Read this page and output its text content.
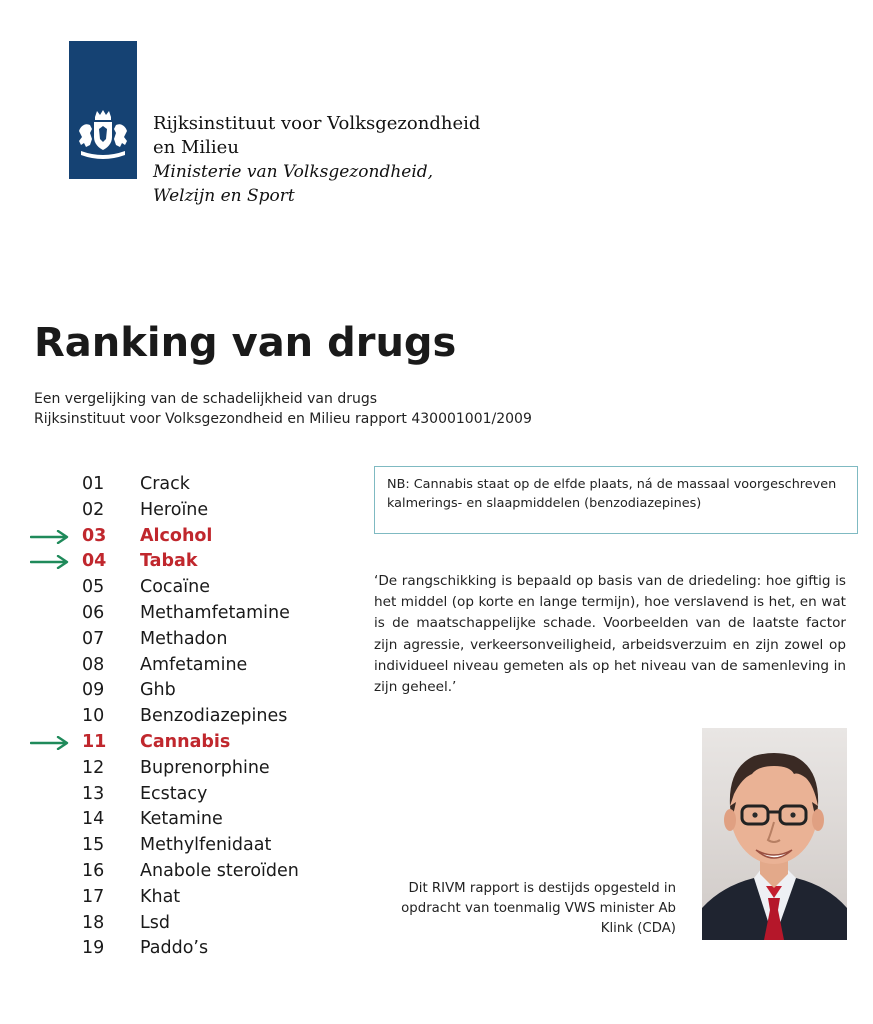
Rijksinstituut voor Volksgezondheid
en Milieu
Ministerie van Volksgezondheid,
Welzijn en Sport
Ranking van drugs
Een vergelijking van de schadelijkheid van drugs
Rijksinstituut voor Volksgezondheid en Milieu rapport 430001001/2009
01 Crack
02 Heroïne
03 Alcohol
04 Tabak
05 Cocaïne
06 Methamfetamine
07 Methadon
08 Amfetamine
09 Ghb
10 Benzodiazepines
11 Cannabis
12 Buprenorphine
13 Ecstacy
14 Ketamine
15 Methylfenidaat
16 Anabole steroïden
17 Khat
18 Lsd
19 Paddo’s
NB: Cannabis staat op de elfde plaats, ná de massaal voorgeschreven kalmerings- en slaapmiddelen (benzodiazepines)
‘De rangschikking is bepaald op basis van de driedeling: hoe giftig is het middel (op korte en lange termijn), hoe verslavend is het, en wat is de maatschappelijke schade. Voorbeelden van de laatste factor zijn agressie, verkeersonveiligheid, arbeidsverzuim en zijn zowel op individueel niveau gemeten als op het niveau van de samenleving in zijn geheel.’
Dit RIVM rapport is destijds opgesteld in opdracht van toenmalig VWS minister Ab Klink (CDA)
